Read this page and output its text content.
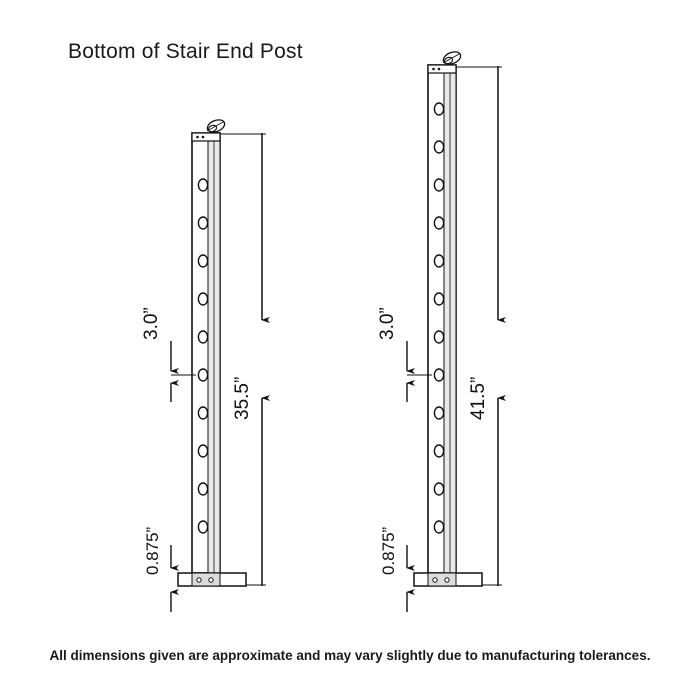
Bottom of Stair End Post
3.0”
0.875”
35.5”
3.0”
0.875”
41.5”
All dimensions given are approximate and may vary slightly due to manufacturing tolerances.
